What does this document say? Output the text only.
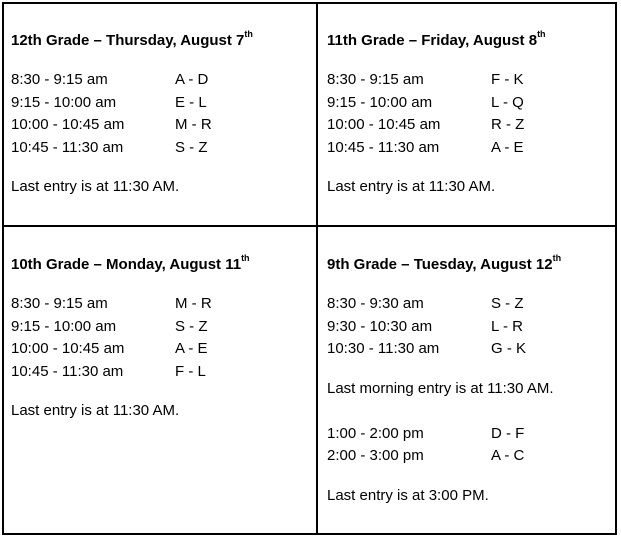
12th Grade – Thursday, August 7th
8:30 - 9:15 am	A - D
9:15 - 10:00 am	E - L
10:00 - 10:45 am	M - R
10:45 - 11:30 am	S - Z
Last entry is at 11:30 AM.
11th Grade – Friday, August 8th
8:30 - 9:15 am	F - K
9:15 - 10:00 am	L - Q
10:00 - 10:45 am	R - Z
10:45 - 11:30 am	A - E
Last entry is at 11:30 AM.
10th Grade – Monday, August 11th
8:30 - 9:15 am	M - R
9:15 - 10:00 am	S - Z
10:00 - 10:45 am	A - E
10:45 - 11:30 am	F - L
Last entry is at 11:30 AM.
9th Grade – Tuesday, August 12th
8:30 - 9:30 am	S - Z
9:30 - 10:30 am	L - R
10:30 - 11:30 am	G - K
Last morning entry is at 11:30 AM.
1:00 - 2:00 pm	D - F
2:00 - 3:00 pm	A - C
Last entry is at 3:00 PM.
